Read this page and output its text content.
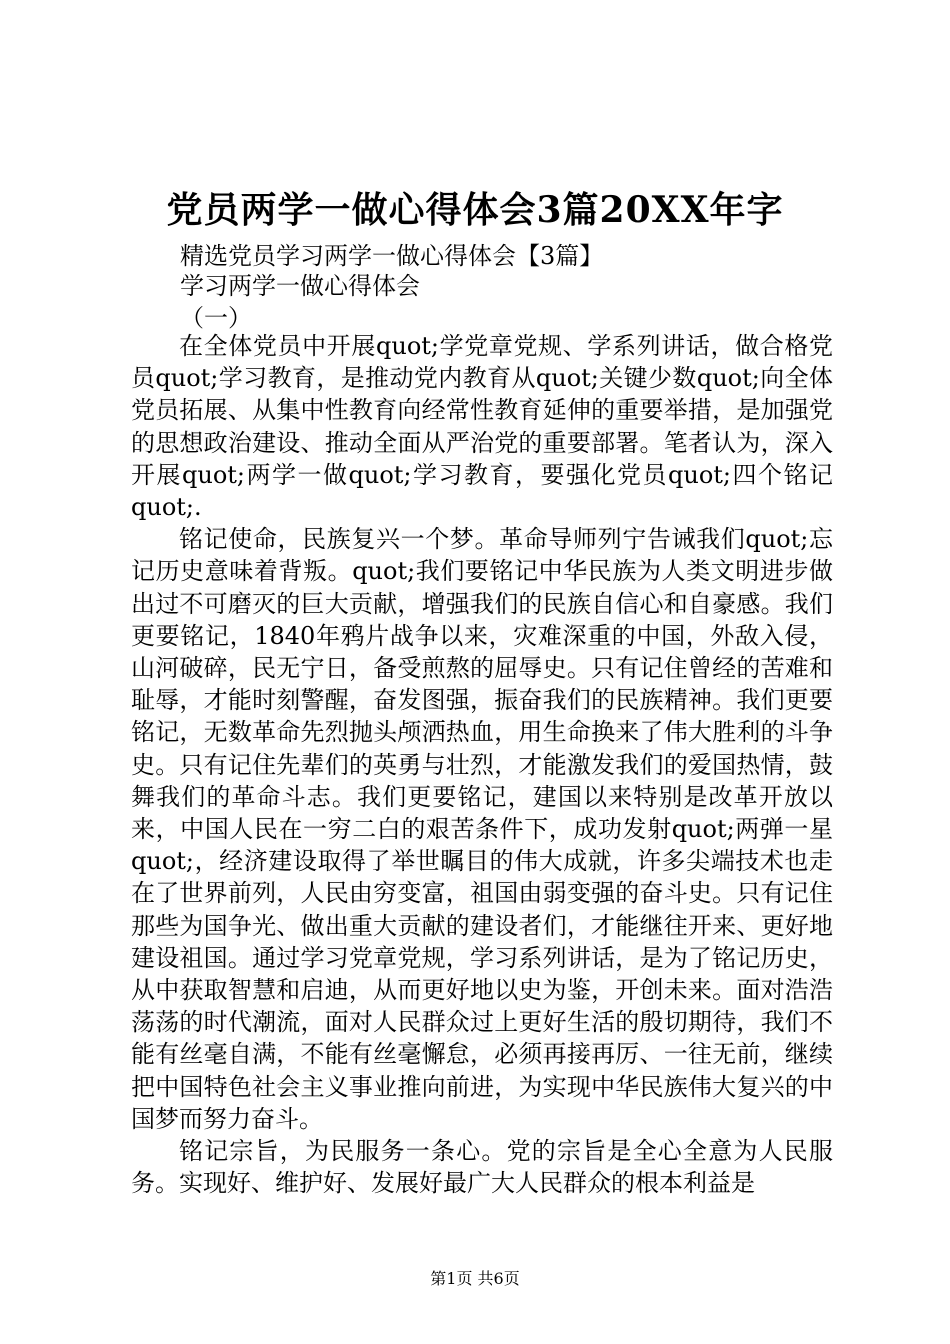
党员两学一做心得体会3篇20XX年字
精选党员学习两学一做心得体会【3篇】
学习两学一做心得体会
（一）

在全体党员中开展quot;学党章党规、学系列讲话，做合格党员quot;学习教育，是推动党内教育从quot;关键少数quot;向全体党员拓展、从集中性教育向经常性教育延伸的重要举措，是加强党的思想政治建设、推动全面从严治党的重要部署。笔者认为，深入开展quot;两学一做quot;学习教育，要强化党员quot;四个铭记quot;.

铭记使命，民族复兴一个梦。革命导师列宁告诫我们quot;忘记历史意味着背叛。quot;我们要铭记中华民族为人类文明进步做出过不可磨灭的巨大贡献，增强我们的民族自信心和自豪感。我们更要铭记，1840年鸦片战争以来，灾难深重的中国，外敌入侵，山河破碎，民无宁日，备受煎熬的屈辱史。只有记住曾经的苦难和耻辱，才能时刻警醒，奋发图强，振奋我们的民族精神。我们更要铭记，无数革命先烈抛头颅洒热血，用生命换来了伟大胜利的斗争史。只有记住先辈们的英勇与壮烈，才能激发我们的爱国热情，鼓舞我们的革命斗志。我们更要铭记，建国以来特别是改革开放以来，中国人民在一穷二白的艰苦条件下，成功发射quot;两弹一星quot;，经济建设取得了举世瞩目的伟大成就，许多尖端技术也走在了世界前列，人民由穷变富，祖国由弱变强的奋斗史。只有记住那些为国争光、做出重大贡献的建设者们，才能继往开来、更好地建设祖国。通过学习党章党规，学习系列讲话，是为了铭记历史，从中获取智慧和启迪，从而更好地以史为鉴，开创未来。面对浩浩荡荡的时代潮流，面对人民群众过上更好生活的殷切期待，我们不能有丝毫自满，不能有丝毫懈怠，必须再接再厉、一往无前，继续把中国特色社会主义事业推向前进，为实现中华民族伟大复兴的中国梦而努力奋斗。

铭记宗旨，为民服务一条心。党的宗旨是全心全意为人民服务。实现好、维护好、发展好最广大人民群众的根本利益是

第1页 共6页
